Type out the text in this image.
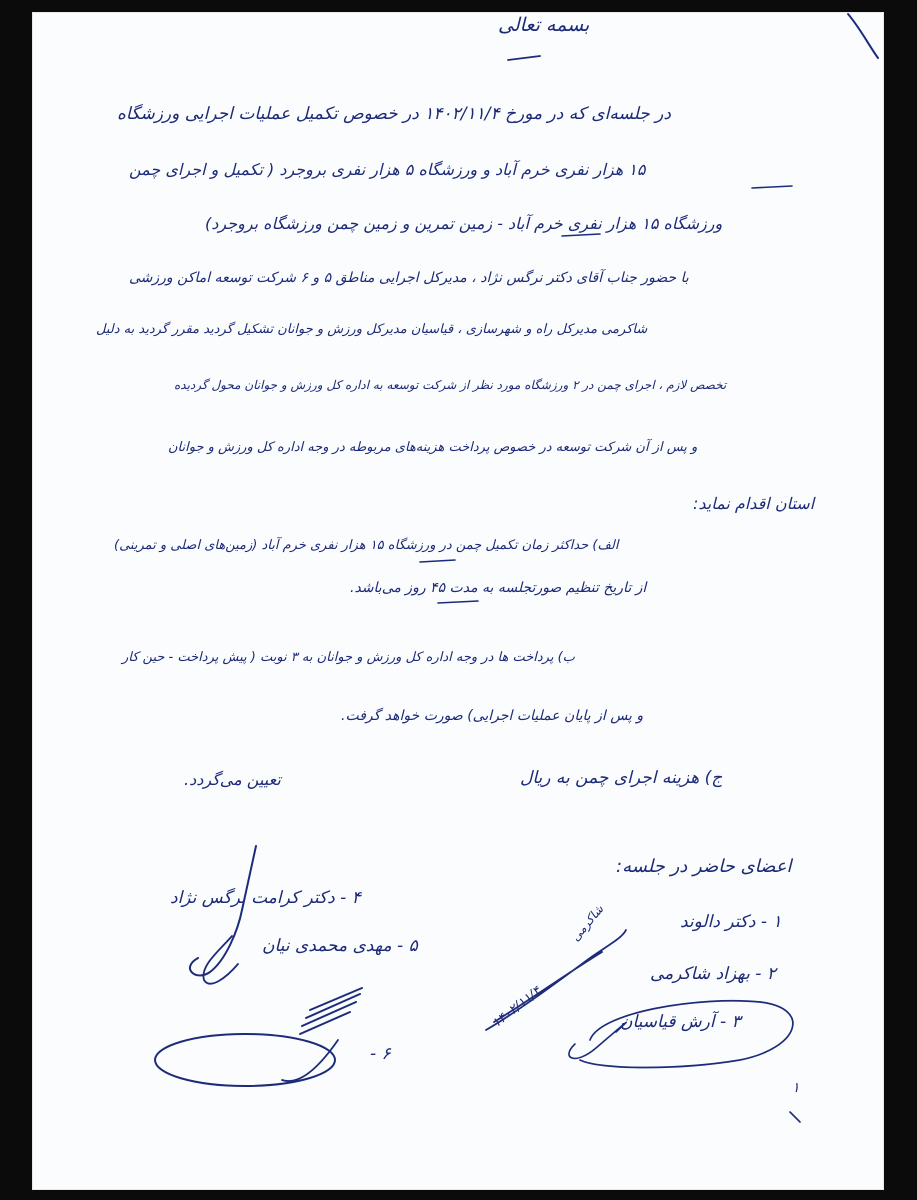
بسمه تعالی
در جلسه‌ای که در مورخ ۱۴۰۲/۱۱/۴ در خصوص تکمیل عملیات اجرایی ورزشگاه
۱۵ هزار نفری خرم آباد و ورزشگاه ۵ هزار نفری بروجرد ( تکمیل و اجرای چمن
ورزشگاه ۱۵ هزار نفری خرم آباد - زمین تمرین و زمین چمن ورزشگاه بروجرد)
با حضور جناب آقای دکتر نرگس نژاد ، مدیرکل اجرایی مناطق ۵ و ۶ شرکت توسعه اماکن ورزشی
شاکرمی مدیرکل راه و شهرسازی ، قیاسیان مدیرکل ورزش و جوانان تشکیل گردید مقرر گردید به دلیل
تخصص لازم ، اجرای چمن در ۲ ورزشگاه مورد نظر از شرکت توسعه به اداره کل ورزش و جوانان محول گردیده
و پس از آن شرکت توسعه در خصوص پرداخت هزینه‌های مربوطه در وجه اداره کل ورزش و جوانان
استان اقدام نماید:
الف) حداکثر زمان تکمیل چمن در ورزشگاه ۱۵ هزار نفری خرم آباد (زمین‌های اصلی و تمرینی)
از تاریخ تنظیم صورتجلسه به مدت ۴۵ روز می‌باشد.
ب) پرداخت ها در وجه اداره کل ورزش و جوانان به ۳ نوبت ( پیش پرداخت - حین کار
و پس از پایان عملیات اجرایی) صورت خواهد گرفت.
ج) هزینه اجرای چمن به ریال
تعیین می‌گردد.
اعضای حاضر در جلسه:
۱ - دکتر دالوند
۲ - بهزاد شاکرمی
۳ - آرش قیاسیان
۴ - دکتر کرامت نرگس نژاد
۵ - مهدی محمدی نیان
۶ -
شاکرمی
۱۴۰۲/۱۱/۴
۱
